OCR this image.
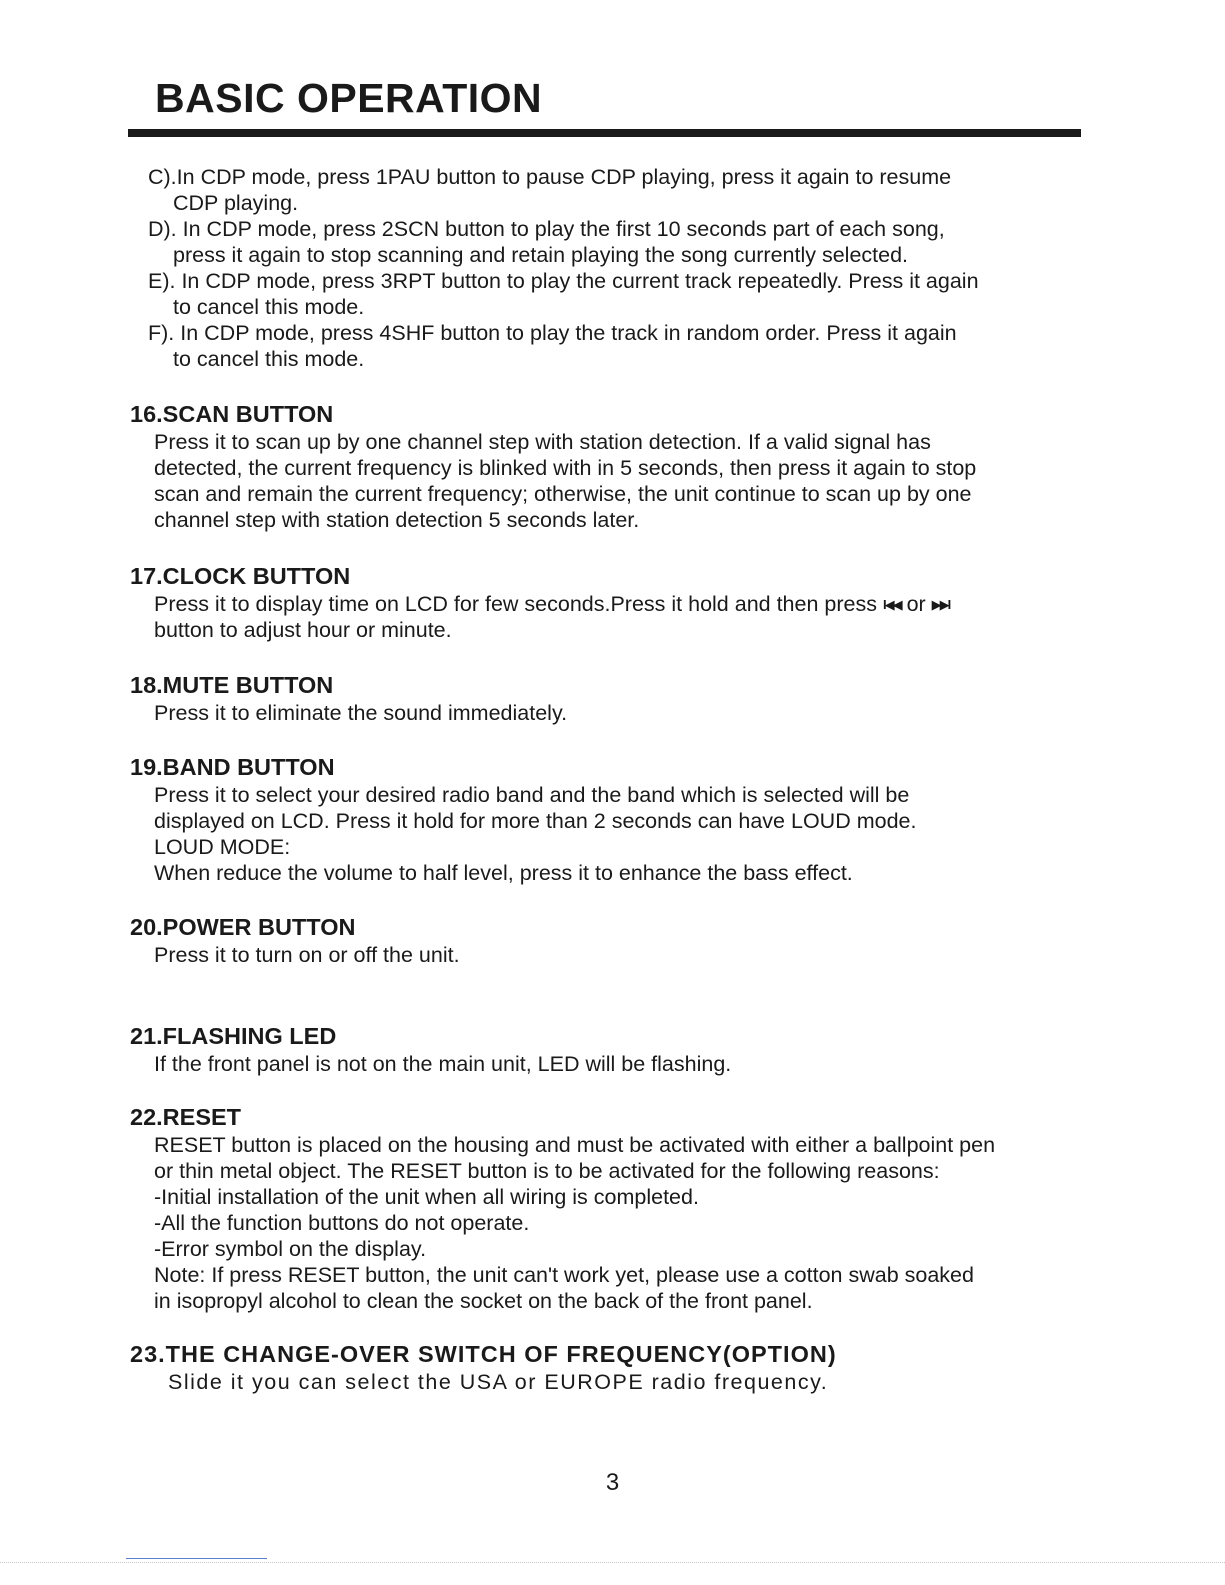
BASIC OPERATION
C).In CDP mode, press 1PAU button to pause CDP playing, press it again to resume
CDP playing.
D). In CDP mode, press 2SCN button to play the first 10 seconds part of each song,
press it again to stop scanning and retain playing the song currently selected.
E). In CDP mode, press 3RPT button to play the current track repeatedly. Press it again
to cancel this mode.
F). In CDP mode, press 4SHF button to play the track in random order. Press it again
to cancel this mode.
16.SCAN BUTTON
Press it to scan up by one channel step with station detection. If a valid signal has
detected, the current frequency is blinked with in 5 seconds, then press it again to stop
scan and remain the current frequency; otherwise, the unit continue to scan up by one
channel step with station detection 5 seconds later.
17.CLOCK BUTTON
Press it to display time on LCD for few seconds.Press it hold and then press I◀◀ or ▶▶I
button to adjust hour or minute.
18.MUTE BUTTON
Press it to eliminate the sound immediately.
19.BAND BUTTON
Press it to select your desired radio band and the band which is selected will be
displayed on LCD. Press it hold for more than 2 seconds can have LOUD mode.
LOUD MODE:
When reduce the volume to half level, press it to enhance the bass effect.
20.POWER BUTTON
Press it to turn on or off the unit.
21.FLASHING LED
If the front panel is not on the main unit, LED will be flashing.
22.RESET
RESET button is placed on the housing and must be activated with either a ballpoint pen
or thin metal object. The RESET button is to be activated for the following reasons:
-Initial installation of the unit when all wiring is completed.
-All the function buttons do not operate.
-Error symbol on the display.
Note: If press RESET button, the unit can't work yet, please use a cotton swab soaked
in isopropyl alcohol to clean the socket on the back of the front panel.
23.THE CHANGE-OVER SWITCH OF FREQUENCY(OPTION)
Slide it you can select the USA or EUROPE radio frequency.
3
